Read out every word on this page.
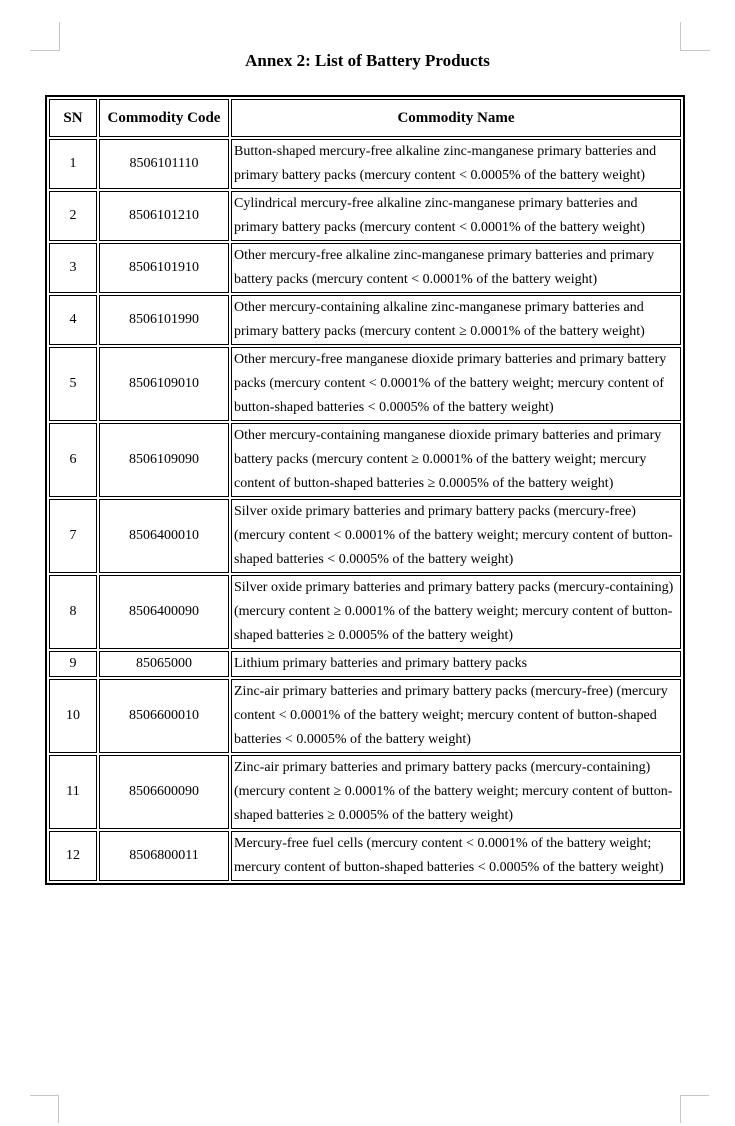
Annex 2: List of Battery Products
SN	Commodity Code	Commodity Name
1	8506101110	Button-shaped mercury-free alkaline zinc-manganese primary batteries and primary battery packs (mercury content < 0.0005% of the battery weight)
2	8506101210	Cylindrical mercury-free alkaline zinc-manganese primary batteries and primary battery packs (mercury content < 0.0001% of the battery weight)
3	8506101910	Other mercury-free alkaline zinc-manganese primary batteries and primary battery packs (mercury content < 0.0001% of the battery weight)
4	8506101990	Other mercury-containing alkaline zinc-manganese primary batteries and primary battery packs (mercury content ≥ 0.0001% of the battery weight)
5	8506109010	Other mercury-free manganese dioxide primary batteries and primary battery packs (mercury content < 0.0001% of the battery weight; mercury content of button-shaped batteries < 0.0005% of the battery weight)
6	8506109090	Other mercury-containing manganese dioxide primary batteries and primary battery packs (mercury content ≥ 0.0001% of the battery weight; mercury content of button-shaped batteries ≥ 0.0005% of the battery weight)
7	8506400010	Silver oxide primary batteries and primary battery packs (mercury-free) (mercury content < 0.0001% of the battery weight; mercury content of button-shaped batteries < 0.0005% of the battery weight)
8	8506400090	Silver oxide primary batteries and primary battery packs (mercury-containing) (mercury content ≥ 0.0001% of the battery weight; mercury content of button-shaped batteries ≥ 0.0005% of the battery weight)
9	85065000	Lithium primary batteries and primary battery packs
10	8506600010	Zinc-air primary batteries and primary battery packs (mercury-free) (mercury content < 0.0001% of the battery weight; mercury content of button-shaped batteries < 0.0005% of the battery weight)
11	8506600090	Zinc-air primary batteries and primary battery packs (mercury-containing) (mercury content ≥ 0.0001% of the battery weight; mercury content of button-shaped batteries ≥ 0.0005% of the battery weight)
12	8506800011	Mercury-free fuel cells (mercury content < 0.0001% of the battery weight; mercury content of button-shaped batteries < 0.0005% of the battery weight)
